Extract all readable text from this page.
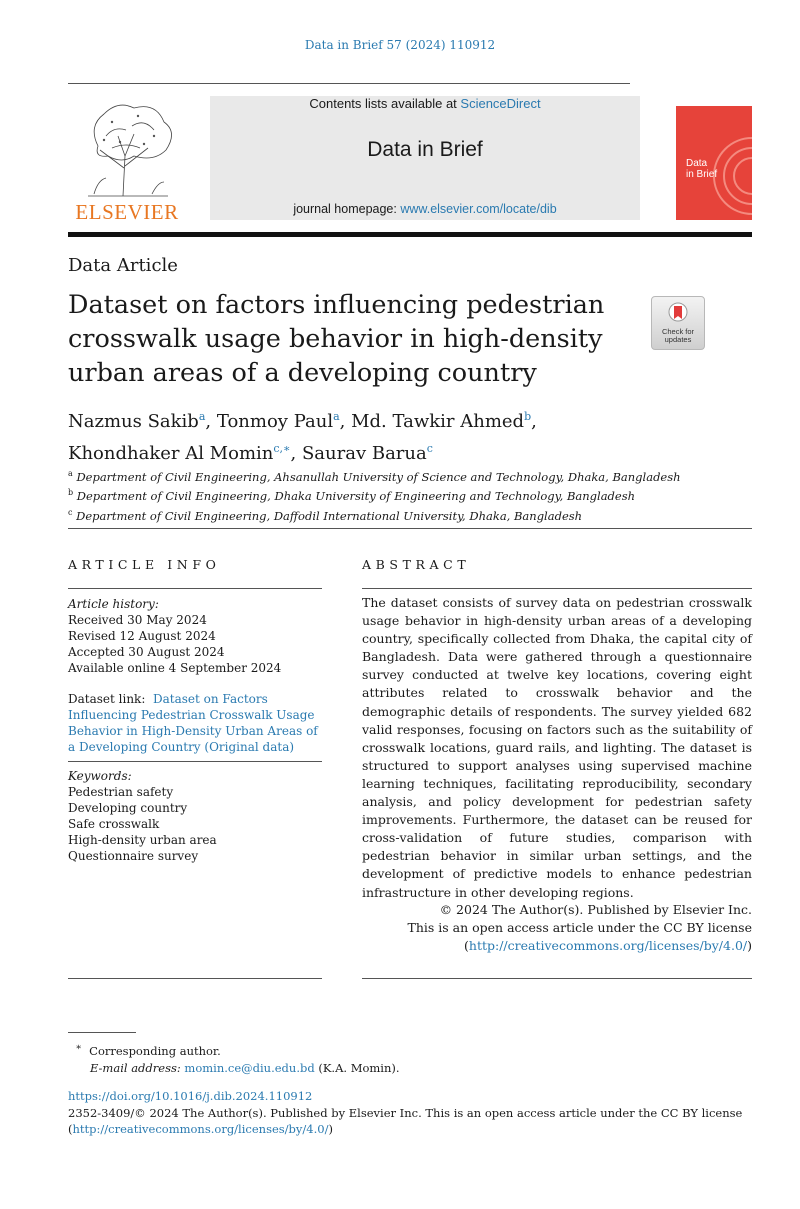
Data in Brief 57 (2024) 110912
ELSEVIER
Contents lists available at ScienceDirect
Data in Brief
journal homepage: www.elsevier.com/locate/dib
Data
in Brief
Data Article
Dataset on factors influencing pedestrian crosswalk usage behavior in high-density urban areas of a developing country
Check for
updates
Nazmus Sakib$^a$, Tonmoy Paul$^a$, Md. Tawkir Ahmed$^b$,
Khondhaker Al Momin$^{c,∗}$, Saurav Barua$^c$
$^a$ Department of Civil Engineering, Ahsanullah University of Science and Technology, Dhaka, Bangladesh
$^b$ Department of Civil Engineering, Dhaka University of Engineering and Technology, Bangladesh
$^c$ Department of Civil Engineering, Daffodil International University, Dhaka, Bangladesh
ARTICLE INFO
Article history:
Received 30 May 2024
Revised 12 August 2024
Accepted 30 August 2024
Available online 4 September 2024
Dataset link: Dataset on Factors Influencing Pedestrian Crosswalk Usage Behavior in High-Density Urban Areas of a Developing Country (Original data)
Keywords:
Pedestrian safety
Developing country
Safe crosswalk
High-density urban area
Questionnaire survey
ABSTRACT
The dataset consists of survey data on pedestrian crosswalk usage behavior in high-density urban areas of a developing country, specifically collected from Dhaka, the capital city of Bangladesh. Data were gathered through a questionnaire survey conducted at twelve key locations, covering eight attributes related to crosswalk behavior and the demographic details of respondents. The survey yielded 682 valid responses, focusing on factors such as the suitability of crosswalk locations, guard rails, and lighting. The dataset is structured to support analyses using supervised machine learning techniques, facilitating reproducibility, secondary analysis, and policy development for pedestrian safety improvements. Furthermore, the dataset can be reused for cross-validation of future studies, comparison with pedestrian behavior in similar urban settings, and the development of predictive models to enhance pedestrian infrastructure in other developing regions.
© 2024 The Author(s). Published by Elsevier Inc.
This is an open access article under the CC BY license
(http://creativecommons.org/licenses/by/4.0/)
∗ Corresponding author.
E-mail address: momin.ce@diu.edu.bd (K.A. Momin).
https://doi.org/10.1016/j.dib.2024.110912
2352-3409/© 2024 The Author(s). Published by Elsevier Inc. This is an open access article under the CC BY license
(http://creativecommons.org/licenses/by/4.0/)
